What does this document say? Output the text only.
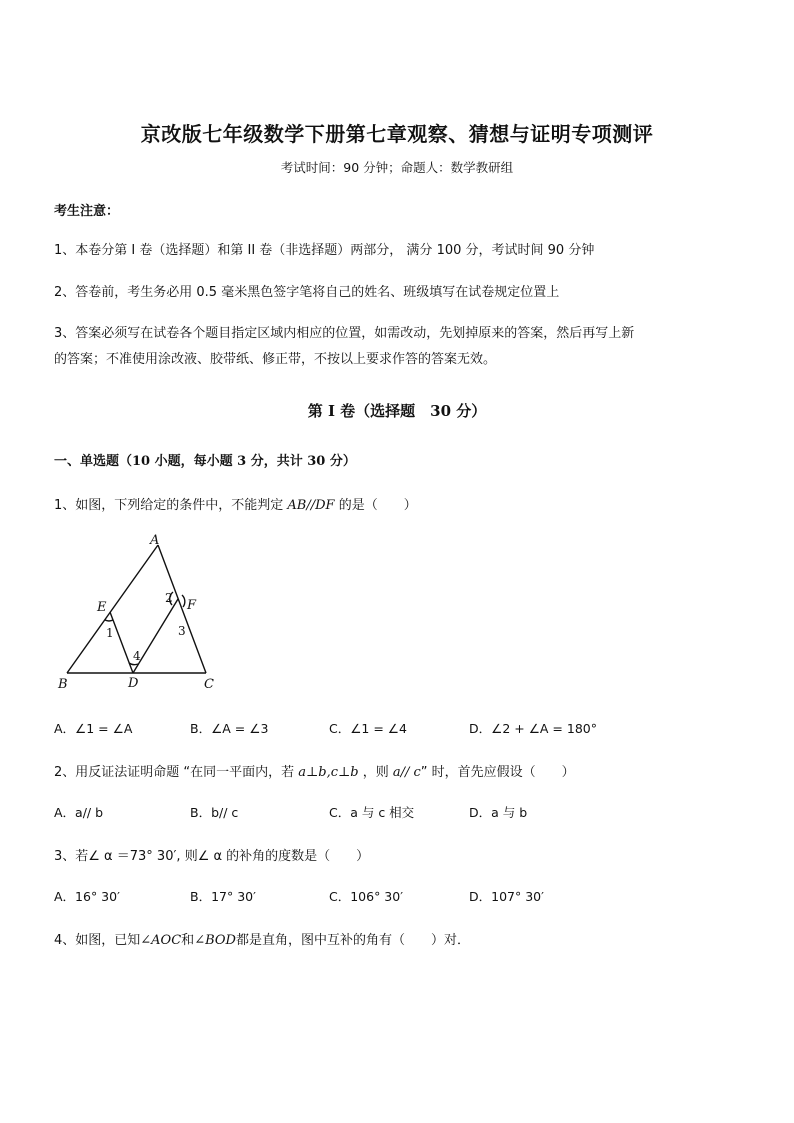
京改版七年级数学下册第七章观察、猜想与证明专项测评
考试时间：90 分钟；命题人：数学教研组
考生注意：
1、本卷分第 I 卷（选择题）和第 II 卷（非选择题）两部分， 满分 100 分，考试时间 90 分钟
2、答卷前，考生务必用 0.5 毫米黑色签字笔将自己的姓名、班级填写在试卷规定位置上
3、答案必须写在试卷各个题目指定区域内相应的位置，如需改动，先划掉原来的答案，然后再写上新
的答案；不准使用涂改液、胶带纸、修正带，不按以上要求作答的答案无效。
第 I 卷（选择题　30 分）
一、单选题（10 小题，每小题 3 分，共计 30 分）
1、如图，下列给定的条件中，不能判定 AB//DF 的是（　　）
A
B	C
D
E	F
1
2
3
4
A．∠1 = ∠A	B．∠A = ∠3	C．∠1 = ∠4	D．∠2 + ∠A = 180°
2、用反证法证明命题 “在同一平面内，若 a⊥b,c⊥b ，则 a// c” 时，首先应假设（　　）
A．a// b	B．b// c	C．a 与 c 相交	D．a 与 b
3、若∠ α ＝73° 30′, 则∠ α 的补角的度数是（　　）
A．16° 30′	B．17° 30′	C．106° 30′	D．107° 30′
4、如图，已知∠AOC和∠BOD都是直角，图中互补的角有（　　）对．
